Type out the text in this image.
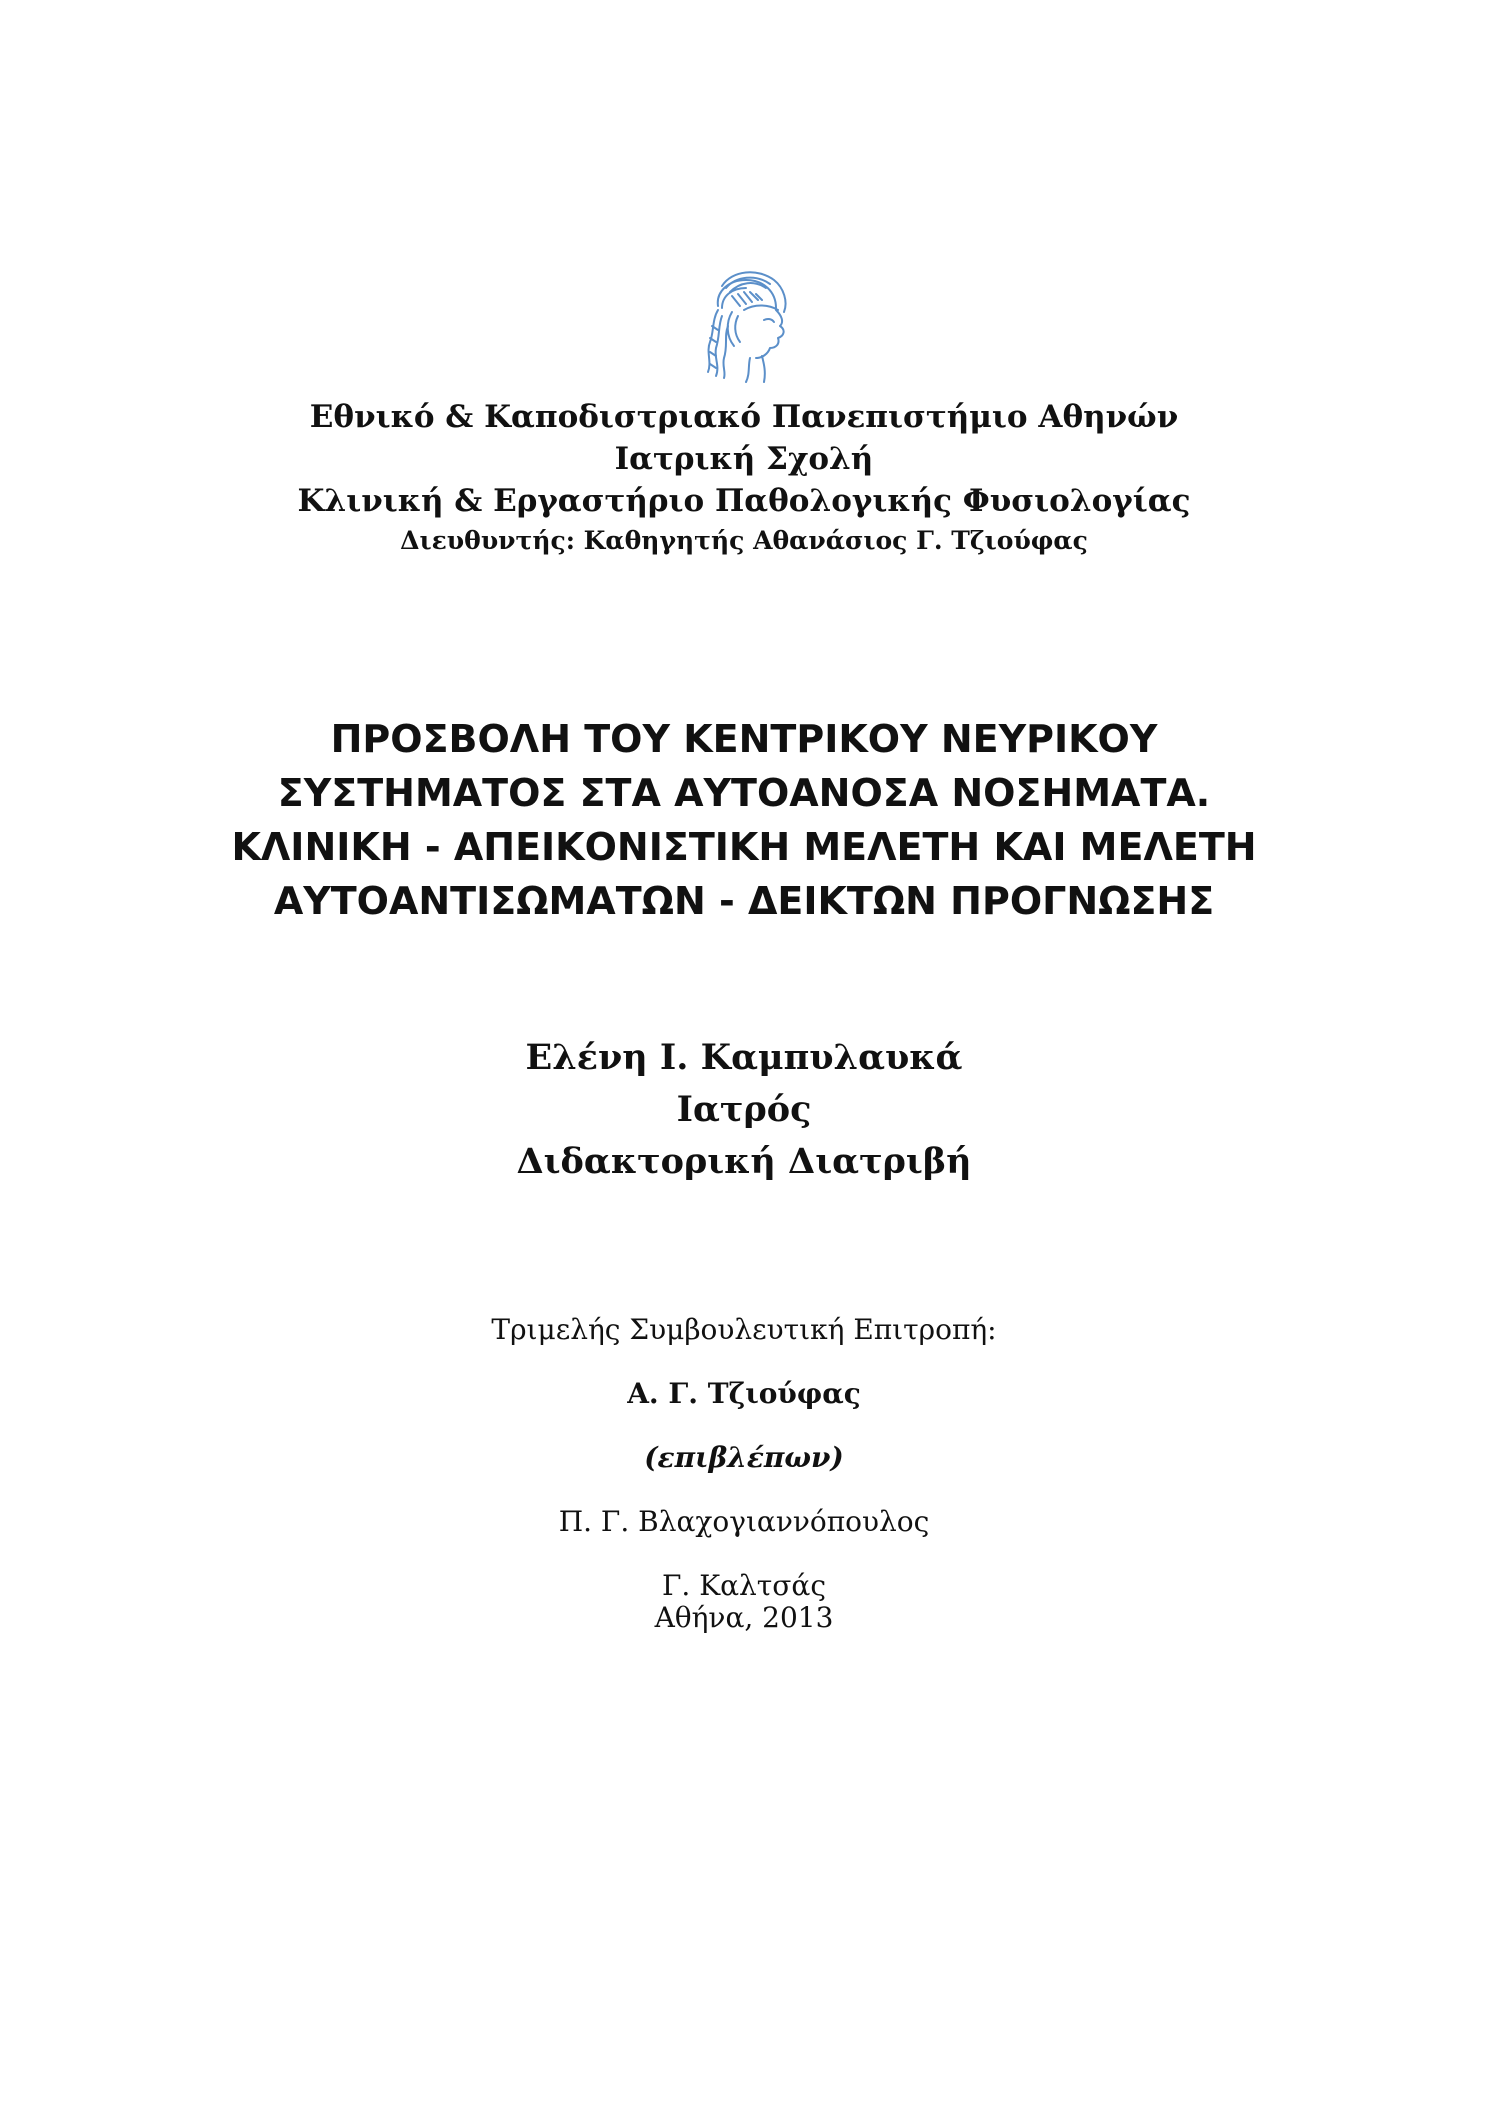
Εθνικό & Καποδιστριακό Πανεπιστήμιο Αθηνών
Ιατρική Σχολή
Κλινική & Εργαστήριο Παθολογικής Φυσιολογίας
Διευθυντής: Καθηγητής Αθανάσιος Γ. Τζιούφας
ΠΡΟΣΒΟΛΗ ΤΟΥ ΚΕΝΤΡΙΚΟΥ ΝΕΥΡΙΚΟΥ
ΣΥΣΤΗΜΑΤΟΣ ΣΤΑ ΑΥΤΟΑΝΟΣΑ ΝΟΣΗΜΑΤΑ.
ΚΛΙΝΙΚΗ - ΑΠΕΙΚΟΝΙΣΤΙΚΗ ΜΕΛΕΤΗ ΚΑΙ ΜΕΛΕΤΗ
ΑΥΤΟΑΝΤΙΣΩΜΑΤΩΝ - ΔΕΙΚΤΩΝ ΠΡΟΓΝΩΣΗΣ
Ελένη Ι. Καμπυλαυκά
Ιατρός
Διδακτορική Διατριβή
Τριμελής Συμβουλευτική Επιτροπή:
Α. Γ. Τζιούφας
(επιβλέπων)
Π. Γ. Βλαχογιαννόπουλος
Γ. Καλτσάς
Αθήνα, 2013
